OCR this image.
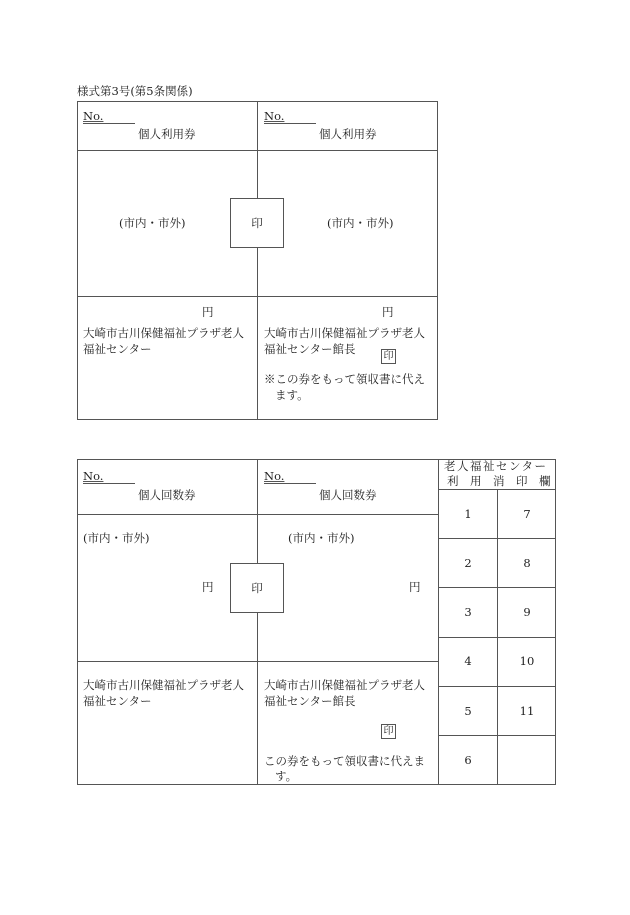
様式第3号(第5条関係)
No.
個人利用券
(市内・市外)
円
大崎市古川保健福祉プラザ老人
福祉センター
No.
個人利用券
(市内・市外)
円
大崎市古川保健福祉プラザ老人
福祉センター館長	印
※この券をもって領収書に代え
ます。
印
No.
個人回数券
(市内・市外)
円
大崎市古川保健福祉プラザ老人
福祉センター
No.
個人回数券
(市内・市外)
円
大崎市古川保健福祉プラザ老人
福祉センター館長
印
この券をもって領収書に代えま
す。
印
老人福祉センター
利　用　消　印　欄
1
2
3
4
5
6
7
8
9
10
11
